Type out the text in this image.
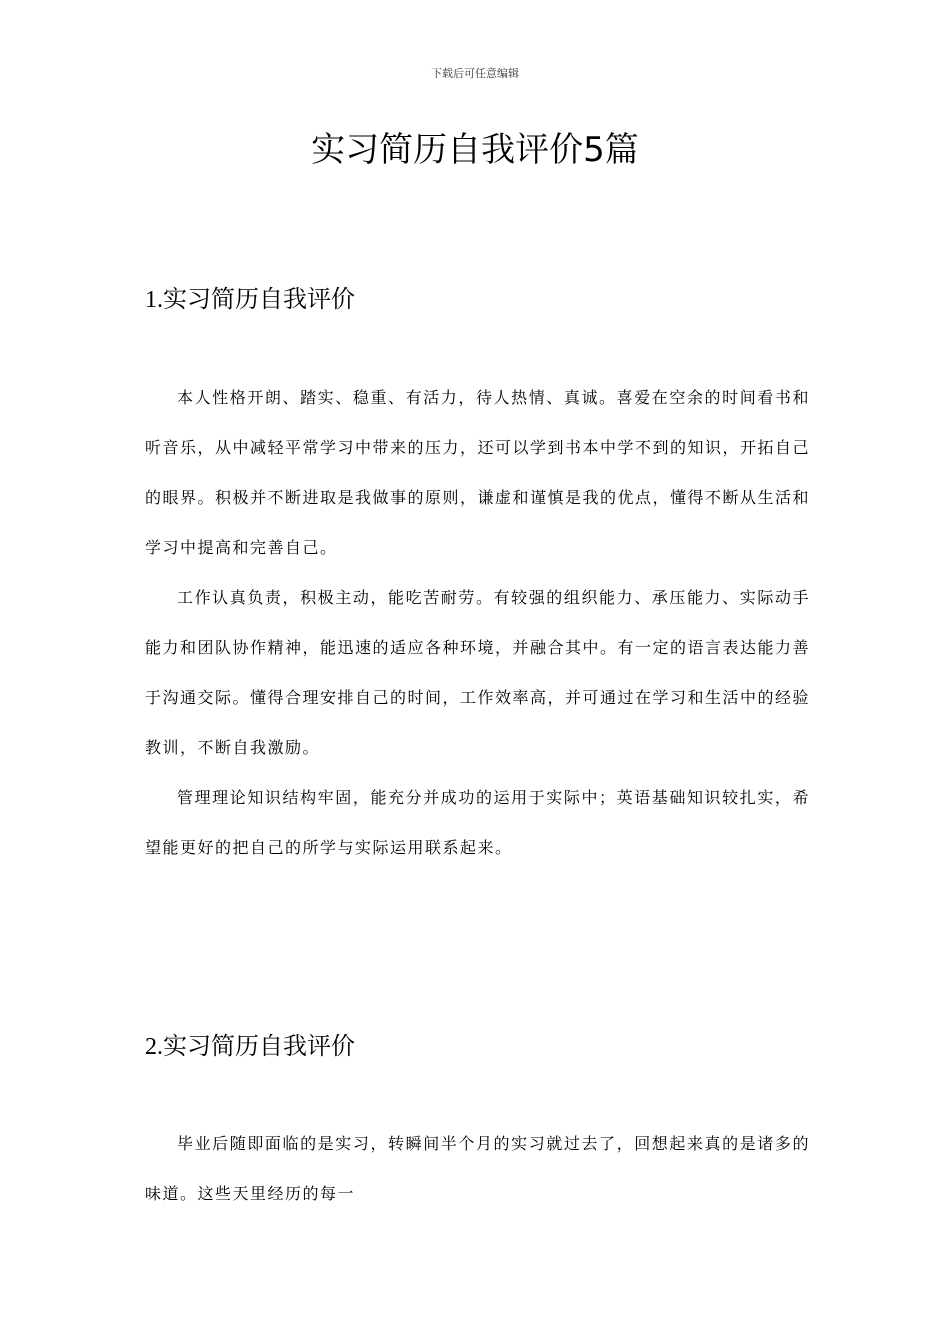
下载后可任意编辑
实习简历自我评价5篇
1.实习简历自我评价

本人性格开朗、踏实、稳重、有活力，待人热情、真诚。喜爱在空余的时间看书和听音乐，从中减轻平常学习中带来的压力，还可以学到书本中学不到的知识，开拓自己的眼界。积极并不断进取是我做事的原则，谦虚和谨慎是我的优点，懂得不断从生活和学习中提高和完善自己。

工作认真负责，积极主动，能吃苦耐劳。有较强的组织能力、承压能力、实际动手能力和团队协作精神，能迅速的适应各种环境，并融合其中。有一定的语言表达能力善于沟通交际。懂得合理安排自己的时间，工作效率高，并可通过在学习和生活中的经验教训，不断自我激励。

管理理论知识结构牢固，能充分并成功的运用于实际中；英语基础知识较扎实，希望能更好的把自己的所学与实际运用联系起来。

2.实习简历自我评价

毕业后随即面临的是实习，转瞬间半个月的实习就过去了，回想起来真的是诸多的味道。这些天里经历的每一
